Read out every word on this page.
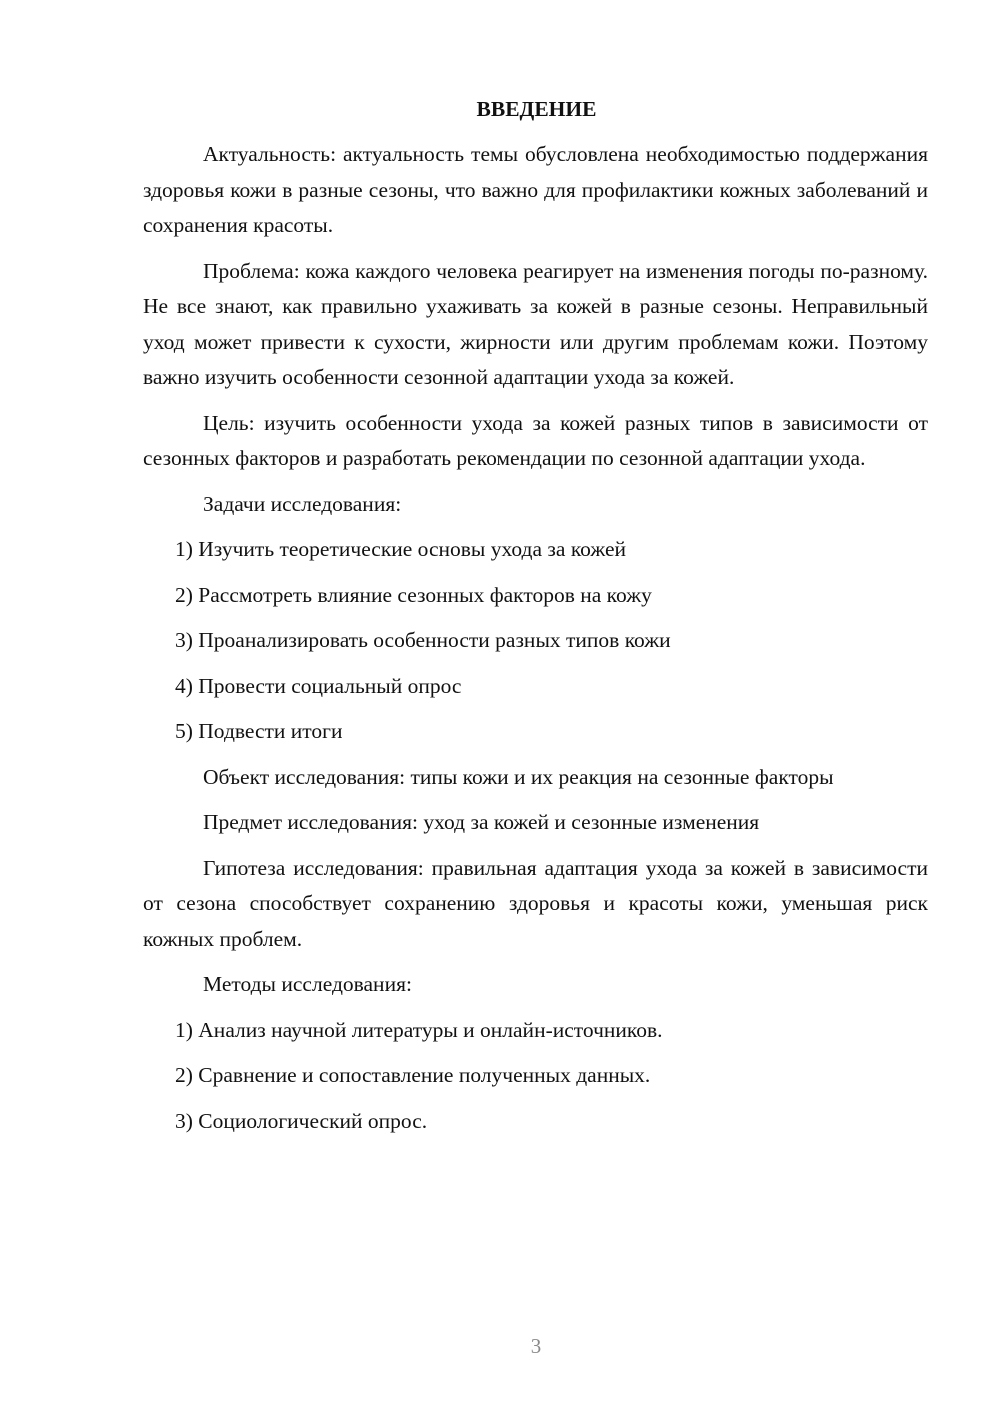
ВВЕДЕНИЕ

Актуальность: актуальность темы обусловлена необходимостью поддержания здоровья кожи в разные сезоны, что важно для профилактики кожных заболеваний и сохранения красоты.

Проблема: кожа каждого человека реагирует на изменения погоды по-разному. Не все знают, как правильно ухаживать за кожей в разные сезоны. Неправильный уход может привести к сухости, жирности или другим проблемам кожи. Поэтому важно изучить особенности сезонной адаптации ухода за кожей.

Цель: изучить особенности ухода за кожей разных типов в зависимости от сезонных факторов и разработать рекомендации по сезонной адаптации ухода.

Задачи исследования:

1) Изучить теоретические основы ухода за кожей
2) Рассмотреть влияние сезонных факторов на кожу
3) Проанализировать особенности разных типов кожи
4) Провести социальный опрос
5) Подвести итоги

Объект исследования: типы кожи и их реакция на сезонные факторы

Предмет исследования: уход за кожей и сезонные изменения

Гипотеза исследования: правильная адаптация ухода за кожей в зависимости от сезона способствует сохранению здоровья и красоты кожи, уменьшая риск кожных проблем.

Методы исследования:

1) Анализ научной литературы и онлайн-источников.
2) Сравнение и сопоставление полученных данных.
3) Социологический опрос.
3
